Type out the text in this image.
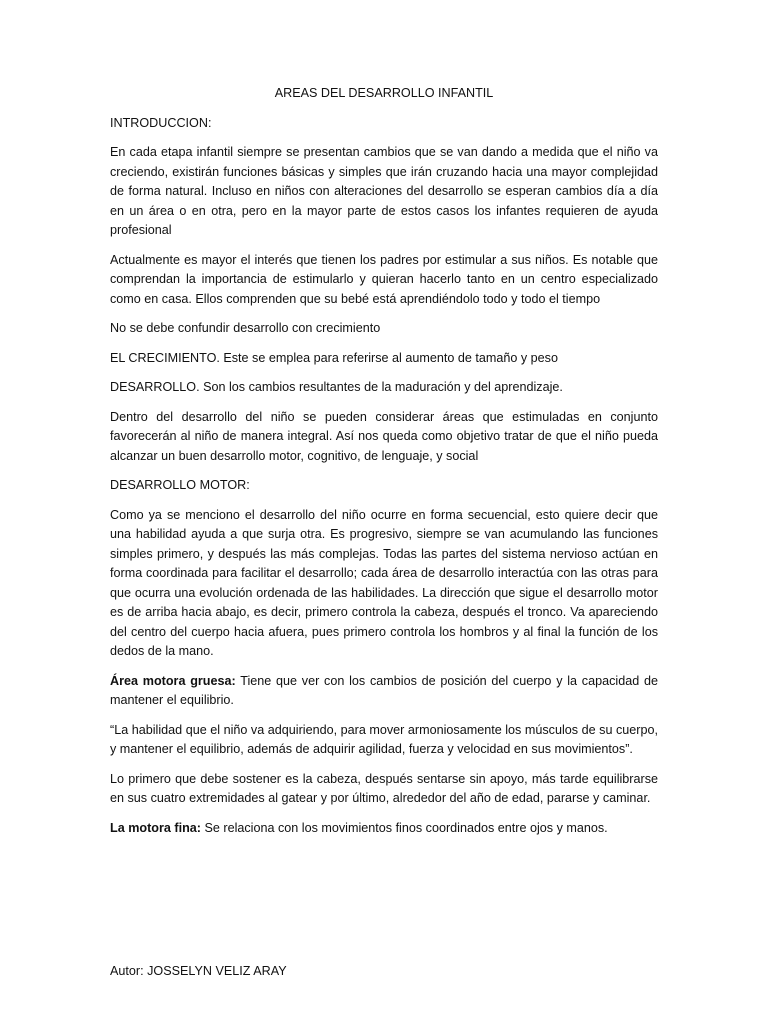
AREAS DEL DESARROLLO INFANTIL
INTRODUCCION:

En cada etapa infantil siempre se presentan cambios que se van dando a medida que el niño va creciendo, existirán funciones básicas y simples que irán cruzando hacia una mayor complejidad de forma natural. Incluso en niños con alteraciones del desarrollo se esperan cambios día a día en un área o en otra, pero en la mayor parte de estos casos los infantes requieren de ayuda profesional

Actualmente es mayor el interés que tienen los padres por estimular a sus niños. Es notable que comprendan la importancia de estimularlo y quieran hacerlo tanto en un centro especializado como en casa. Ellos comprenden que su bebé está aprendiéndolo todo y todo el tiempo

No se debe confundir desarrollo con crecimiento

EL CRECIMIENTO. Este se emplea para referirse al aumento de tamaño y peso

DESARROLLO. Son los cambios resultantes de la maduración y del aprendizaje.

Dentro del desarrollo del niño se pueden considerar áreas que estimuladas en conjunto favorecerán al niño de manera integral. Así nos queda como objetivo tratar de que el niño pueda alcanzar un buen desarrollo motor, cognitivo, de lenguaje, y social

DESARROLLO MOTOR:

Como ya se menciono el desarrollo del niño ocurre en forma secuencial, esto quiere decir que una habilidad ayuda a que surja otra. Es progresivo, siempre se van acumulando las funciones simples primero, y después las más complejas. Todas las partes del sistema nervioso actúan en forma coordinada para facilitar el desarrollo; cada área de desarrollo interactúa con las otras para que ocurra una evolución ordenada de las habilidades. La dirección que sigue el desarrollo motor es de arriba hacia abajo, es decir, primero controla la cabeza, después el tronco. Va apareciendo del centro del cuerpo hacia afuera, pues primero controla los hombros y al final la función de los dedos de la mano.

Área motora gruesa: Tiene que ver con los cambios de posición del cuerpo y la capacidad de mantener el equilibrio.

“La habilidad que el niño va adquiriendo, para mover armoniosamente los músculos de su cuerpo, y mantener el equilibrio, además de adquirir agilidad, fuerza y velocidad en sus movimientos”.

Lo primero que debe sostener es la cabeza, después sentarse sin apoyo, más tarde equilibrarse en sus cuatro extremidades al gatear y por último, alrededor del año de edad, pararse y caminar.

La motora fina: Se relaciona con los movimientos finos coordinados entre ojos y manos.

Autor: JOSSELYN VELIZ ARAY
